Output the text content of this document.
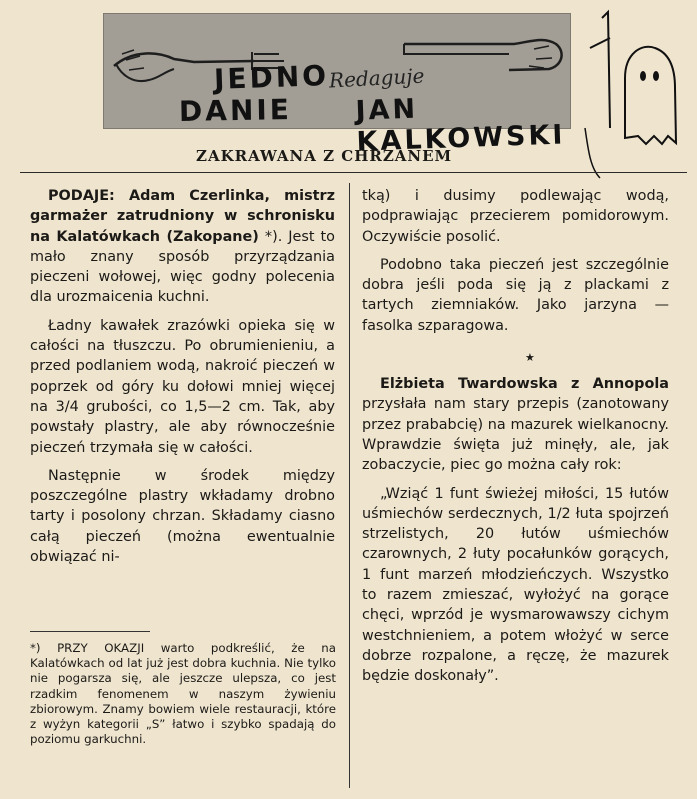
JEDNO
Redaguje
DANIE JAN KALKOWSKI
ZAKRAWANA Z CHRZANEM

PODAJE: Adam Czerlinka, mistrz garmażer zatrudniony w schronisku na Kalatówkach (Zakopane) *). Jest to mało znany sposób przyrządzania pieczeni wołowej, więc godny polecenia dla urozmaicenia kuchni.

Ładny kawałek zrazówki opieka się w całości na tłuszczu. Po obrumienieniu, a przed podlaniem wodą, nakroić pieczeń w poprzek od góry ku dołowi mniej więcej na 3/4 grubości, co 1,5—2 cm. Tak, aby powstały plastry, ale aby równocześnie pieczeń trzymała się w całości.

Następnie w środek między poszczególne plastry wkładamy drobno tarty i posolony chrzan. Składamy ciasno całą pieczeń (można ewentualnie obwiązać ni-

*) PRZY OKAZJI warto podkreślić, że na Kalatówkach od lat już jest dobra kuchnia. Nie tylko nie pogarsza się, ale jeszcze ulepsza, co jest rzadkim fenomenem w naszym żywieniu zbiorowym. Znamy bowiem wiele restauracji, które z wyżyn kategorii „S” łatwo i szybko spadają do poziomu garkuchni.

tką) i dusimy podlewając wodą, podprawiając przecierem pomidorowym. Oczywiście posolić.

Podobno taka pieczeń jest szczególnie dobra jeśli poda się ją z plackami z tartych ziemniaków. Jako jarzyna — fasolka szparagowa.

Elżbieta Twardowska z Annopola przysłała nam stary przepis (zanotowany przez prababcię) na mazurek wielkanocny. Wprawdzie święta już minęły, ale, jak zobaczycie, piec go można cały rok:

„Wziąć 1 funt świeżej miłości, 15 łutów uśmiechów serdecznych, 1/2 łuta spojrzeń strzelistych, 20 łutów uśmiechów czarownych, 2 łuty pocałunków gorących, 1 funt marzeń młodzieńczych. Wszystko to razem zmieszać, wyłożyć na gorące chęci, wprzód je wysmarowawszy cichym westchnieniem, a potem włożyć w serce dobrze rozpalone, a ręczę, że mazurek będzie doskonały”.

★
